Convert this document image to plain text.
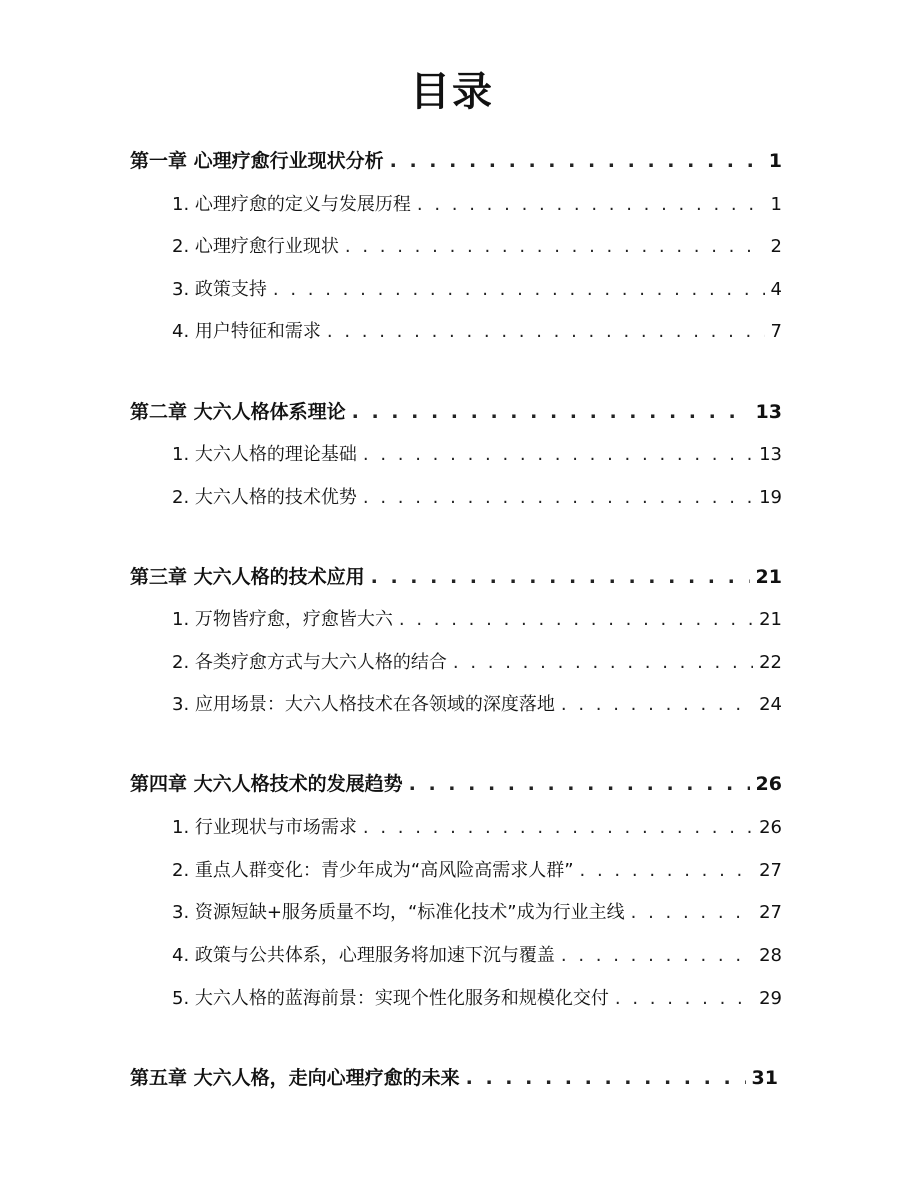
目录
第一章 心理疗愈行业现状分析 . . .	1
1. 心理疗愈的定义与发展历程 . . .	1
2. 心理疗愈行业现状 . . .	2
3. 政策支持 . . .	4
4. 用户特征和需求 . . .	7
第二章 大六人格体系理论 . . .	13
1. 大六人格的理论基础 . . .	13
2. 大六人格的技术优势 . . .	19
第三章 大六人格的技术应用 . . .	21
1. 万物皆疗愈，疗愈皆大六 . . .	21
2. 各类疗愈方式与大六人格的结合 . . .	22
3. 应用场景：大六人格技术在各领域的深度落地 . . .	24
第四章 大六人格技术的发展趋势 . . .	26
1. 行业现状与市场需求 . . .	26
2. 重点人群变化：青少年成为“高风险高需求人群” . . .	27
3. 资源短缺+服务质量不均，“标准化技术”成为行业主线 . . .	27
4. 政策与公共体系，心理服务将加速下沉与覆盖 . . .	28
5. 大六人格的蓝海前景：实现个性化服务和规模化交付 . . .	29
第五章 大六人格，走向心理疗愈的未来 . . .	31
